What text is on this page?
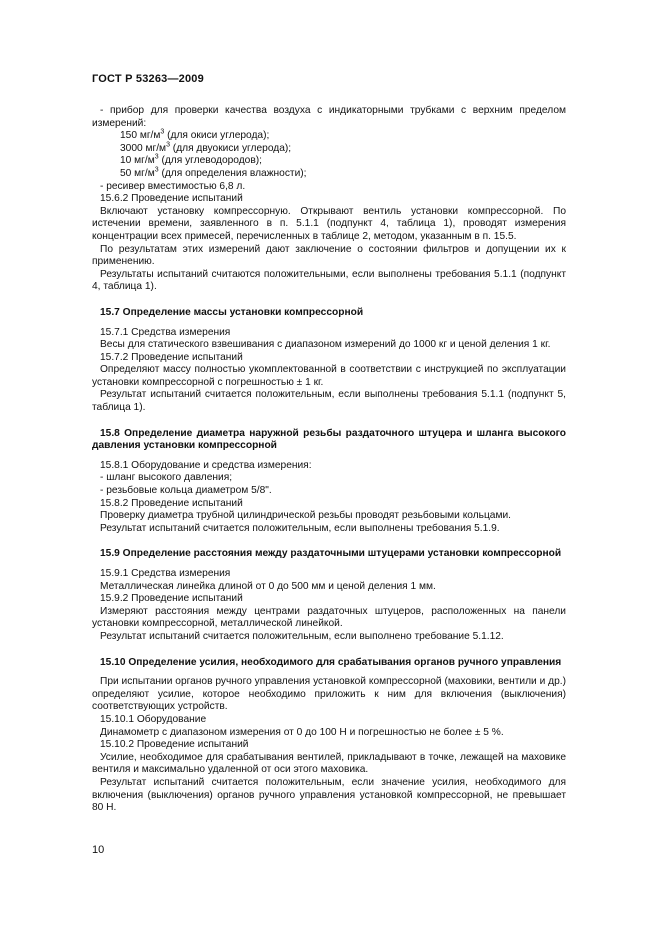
ГОСТ Р 53263—2009

- прибор для проверки качества воздуха с индикаторными трубками с верхним пределом измерений:

150 $мг/м^3$ (для окиси углерода);

3000 $мг/м^3$ (для двуокиси углерода);

10 $мг/м^3$ (для углеводородов);

50 $мг/м^3$ (для определения влажности);

- ресивер вместимостью 6,8 л.

15.6.2 Проведение испытаний

Включают установку компрессорную. Открывают вентиль установки компрессорной. По истечении времени, заявленного в п. 5.1.1 (подпункт 4, таблица 1), проводят измерения концентрации всех примесей, перечисленных в таблице 2, методом, указанным в п. 15.5.

По результатам этих измерений дают заключение о состоянии фильтров и допущении их к применению.

Результаты испытаний считаются положительными, если выполнены требования 5.1.1 (подпункт 4, таблица 1).

15.7 Определение массы установки компрессорной

15.7.1 Средства измерения

Весы для статического взвешивания с диапазоном измерений до 1000 кг и ценой деления 1 кг.

15.7.2 Проведение испытаний

Определяют массу полностью укомплектованной в соответствии с инструкцией по эксплуатации установки компрессорной с погрешностью ± 1 кг.

Результат испытаний считается положительным, если выполнены требования 5.1.1 (подпункт 5, таблица 1).

15.8 Определение диаметра наружной резьбы раздаточного штуцера и шланга высокого давления установки компрессорной

15.8.1 Оборудование и средства измерения:

- шланг высокого давления;

- резьбовые кольца диаметром 5/8".

15.8.2 Проведение испытаний

Проверку диаметра трубной цилиндрической резьбы проводят резьбовыми кольцами.

Результат испытаний считается положительным, если выполнены требования 5.1.9.

15.9 Определение расстояния между раздаточными штуцерами установки компрессорной

15.9.1 Средства измерения

Металлическая линейка длиной от 0 до 500 мм и ценой деления 1 мм.

15.9.2 Проведение испытаний

Измеряют расстояния между центрами раздаточных штуцеров, расположенных на панели установки компрессорной, металлической линейкой.

Результат испытаний считается положительным, если выполнено требование 5.1.12.

15.10 Определение усилия, необходимого для срабатывания органов ручного управления

При испытании органов ручного управления установкой компрессорной (маховики, вентили и др.) определяют усилие, которое необходимо приложить к ним для включения (выключения) соответствующих устройств.

15.10.1 Оборудование

Динамометр с диапазоном измерения от 0 до 100 Н и погрешностью не более ± 5 %.

15.10.2 Проведение испытаний

Усилие, необходимое для срабатывания вентилей, прикладывают в точке, лежащей на маховике вентиля и максимально удаленной от оси этого маховика.

Результат испытаний считается положительным, если значение усилия, необходимого для включения (выключения) органов ручного управления установкой компрессорной, не превышает 80 Н.

10
